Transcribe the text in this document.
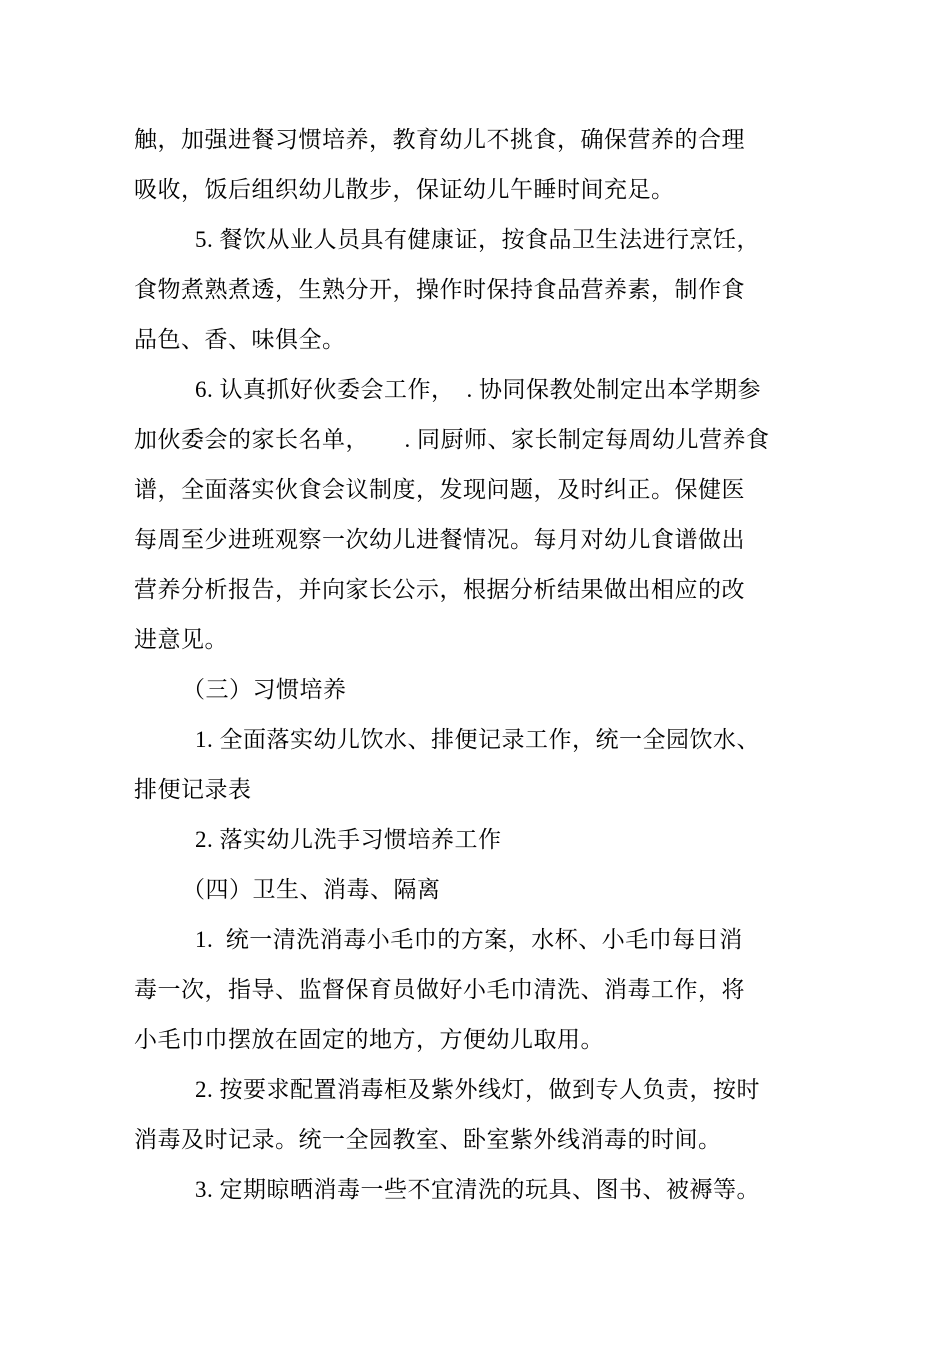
触，加强进餐习惯培养，教育幼儿不挑食，确保营养的合理
吸收，饭后组织幼儿散步，保证幼儿午睡时间充足。
5. 餐饮从业人员具有健康证，按食品卫生法进行烹饪，
食物煮熟煮透，生熟分开，操作时保持食品营养素，制作食
品色、香、味俱全。
6. 认真抓好伙委会工作，　. 协同保教处制定出本学期参
加伙委会的家长名单，　　. 同厨师、家长制定每周幼儿营养食
谱，全面落实伙食会议制度，发现问题，及时纠正。保健医
每周至少进班观察一次幼儿进餐情况。每月对幼儿食谱做出
营养分析报告，并向家长公示，根据分析结果做出相应的改
进意见。
（三）习惯培养
1. 全面落实幼儿饮水、排便记录工作，统一全园饮水、
排便记录表
2. 落实幼儿洗手习惯培养工作
（四）卫生、消毒、隔离
1.  统一清洗消毒小毛巾的方案，水杯、小毛巾每日消
毒一次，指导、监督保育员做好小毛巾清洗、消毒工作，将
小毛巾巾摆放在固定的地方，方便幼儿取用。
2. 按要求配置消毒柜及紫外线灯，做到专人负责，按时
消毒及时记录。统一全园教室、卧室紫外线消毒的时间。
3. 定期晾晒消毒一些不宜清洗的玩具、图书、被褥等。
